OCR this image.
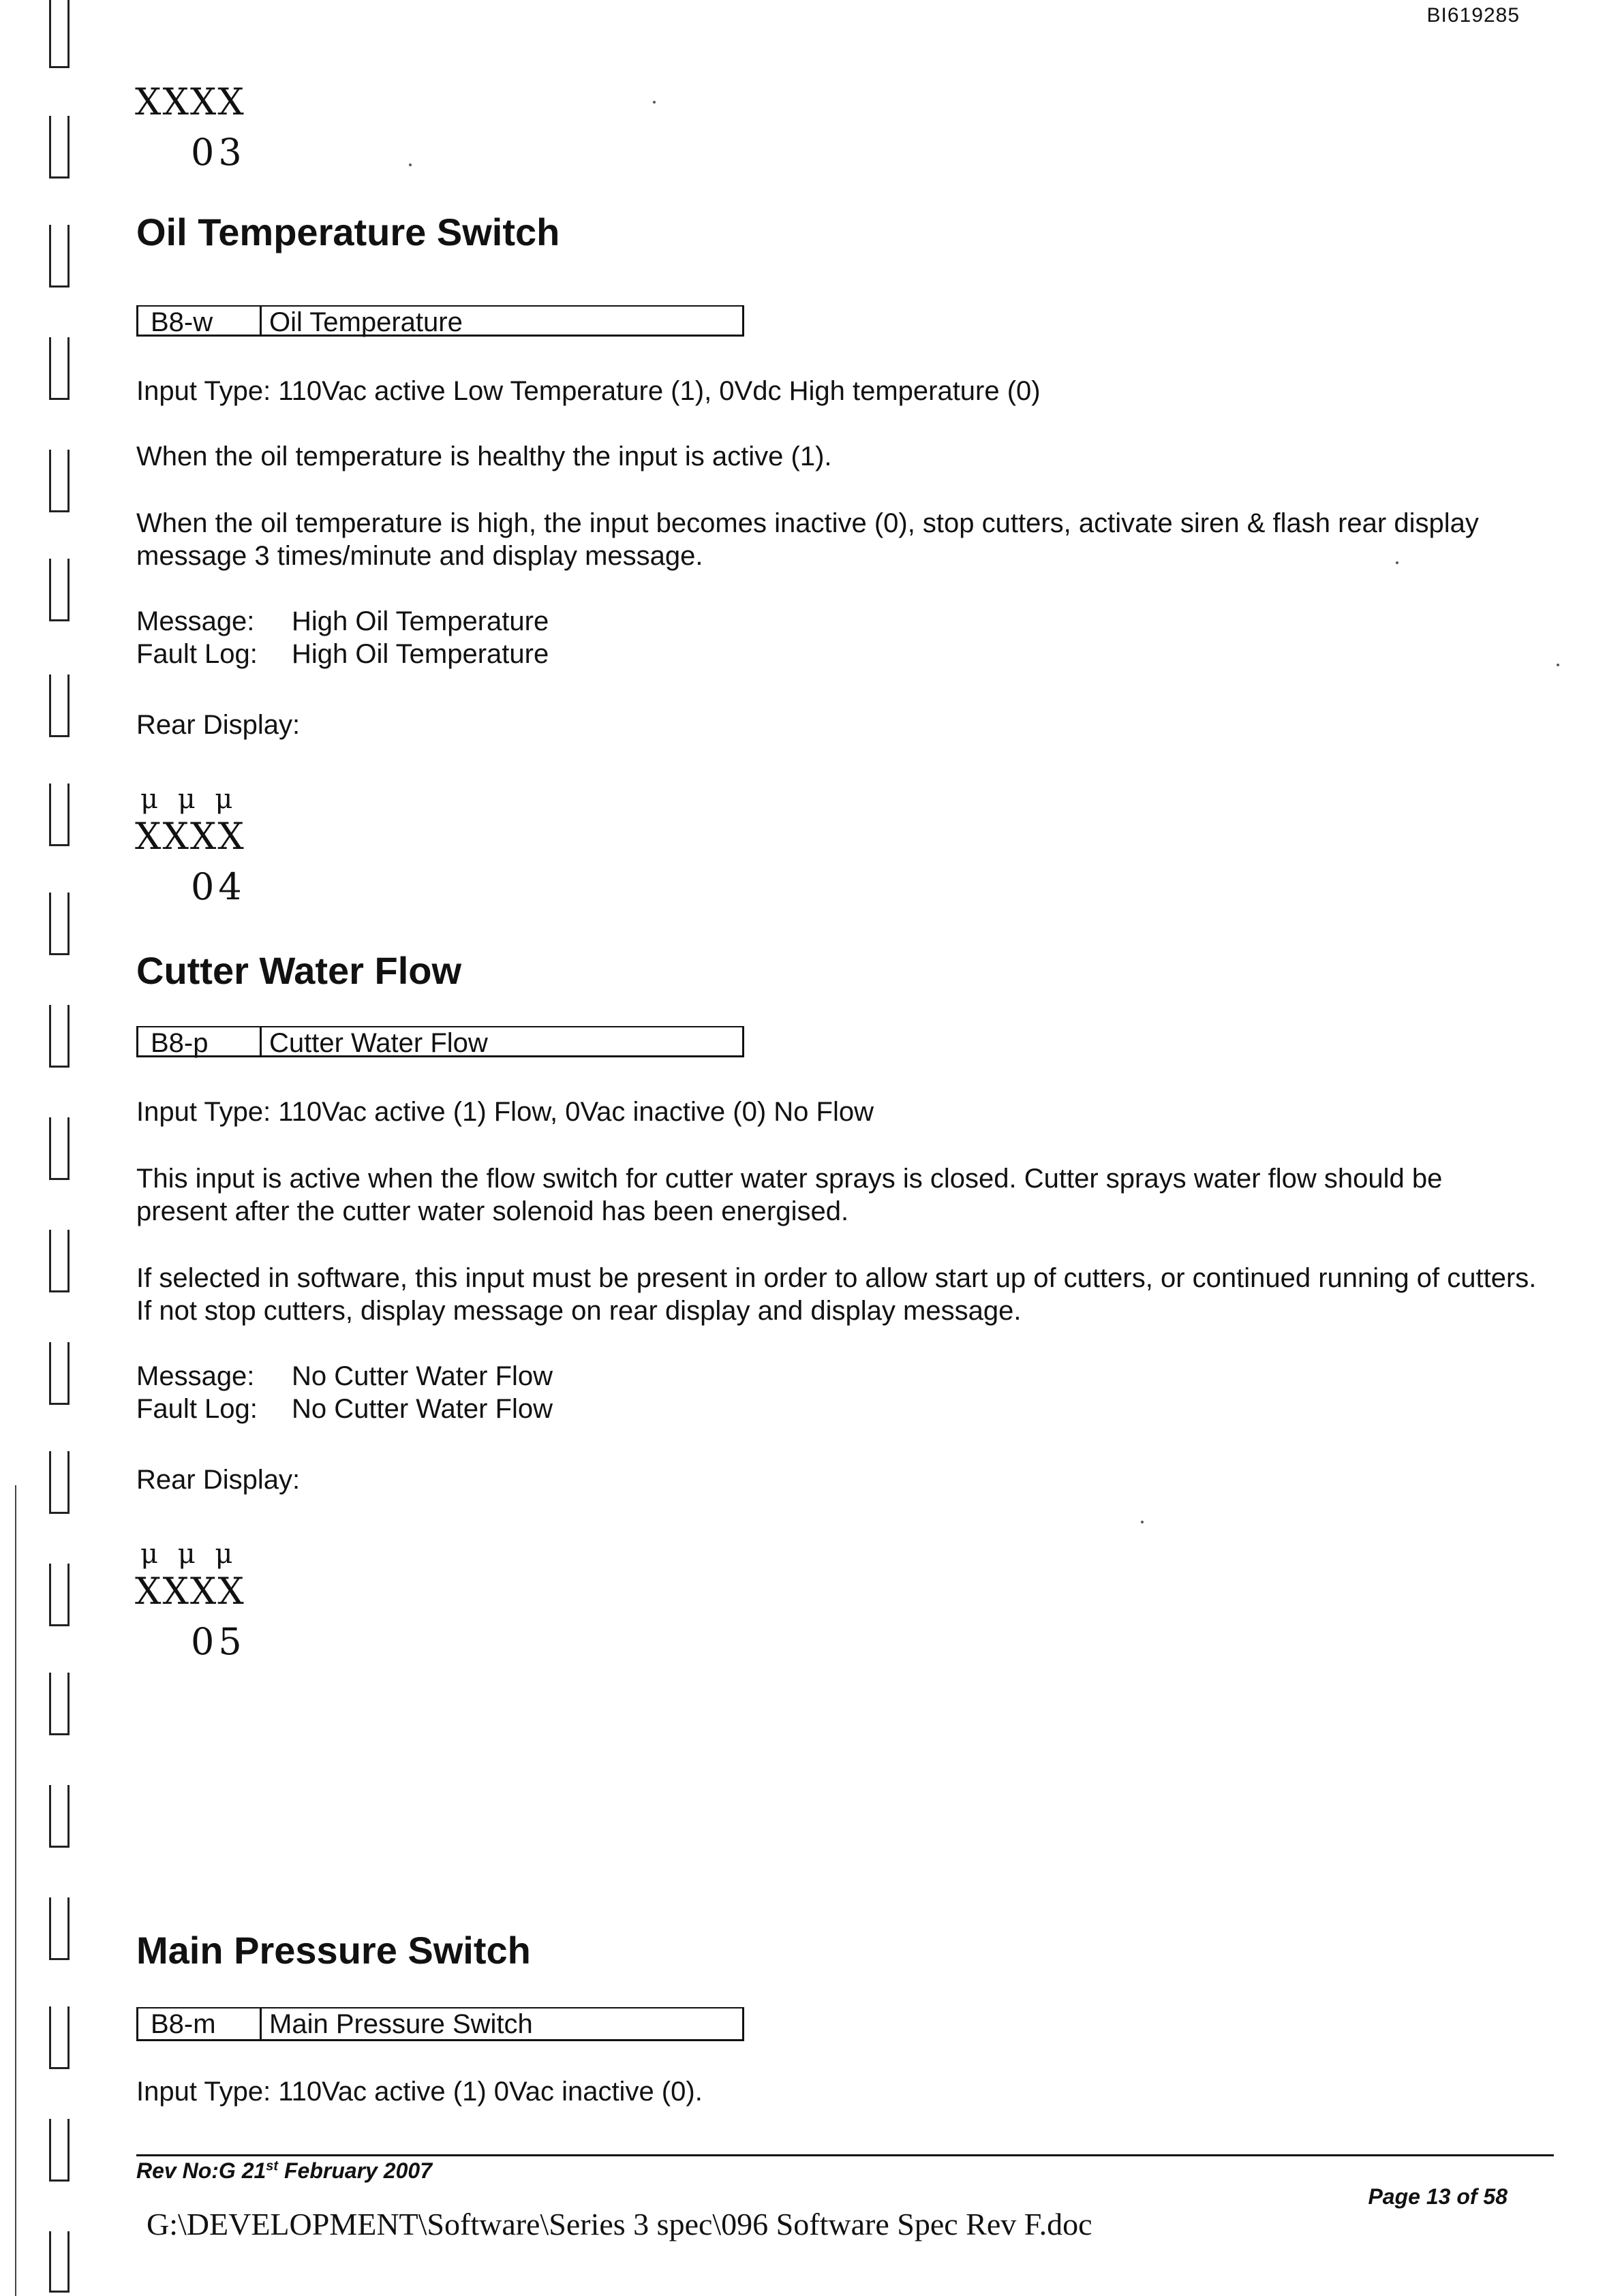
BI619285
XXXX
03
Oil Temperature Switch
B8-w Oil Temperature
Input Type: 110Vac active Low Temperature (1), 0Vdc High temperature (0)
When the oil temperature is healthy the input is active (1).
When the oil temperature is high, the input becomes inactive (0), stop cutters, activate siren & flash rear display message 3 times/minute and display message.
Message: High Oil Temperature
Fault Log: High Oil Temperature
Rear Display:
μ μ μ
XXXX
04
Cutter Water Flow
B8-p Cutter Water Flow
Input Type: 110Vac active (1) Flow, 0Vac inactive (0) No Flow
This input is active when the flow switch for cutter water sprays is closed. Cutter sprays water flow should be present after the cutter water solenoid has been energised.
If selected in software, this input must be present in order to allow start up of cutters, or continued running of cutters. If not stop cutters, display message on rear display and display message.
Message: No Cutter Water Flow
Fault Log: No Cutter Water Flow
Rear Display:
μ μ μ
XXXX
05
Main Pressure Switch
B8-m Main Pressure Switch
Input Type: 110Vac active (1) 0Vac inactive (0).
Rev No:G 21st February 2007
Page 13 of 58
G:\DEVELOPMENT\Software\Series 3 spec\096 Software Spec Rev F.doc
